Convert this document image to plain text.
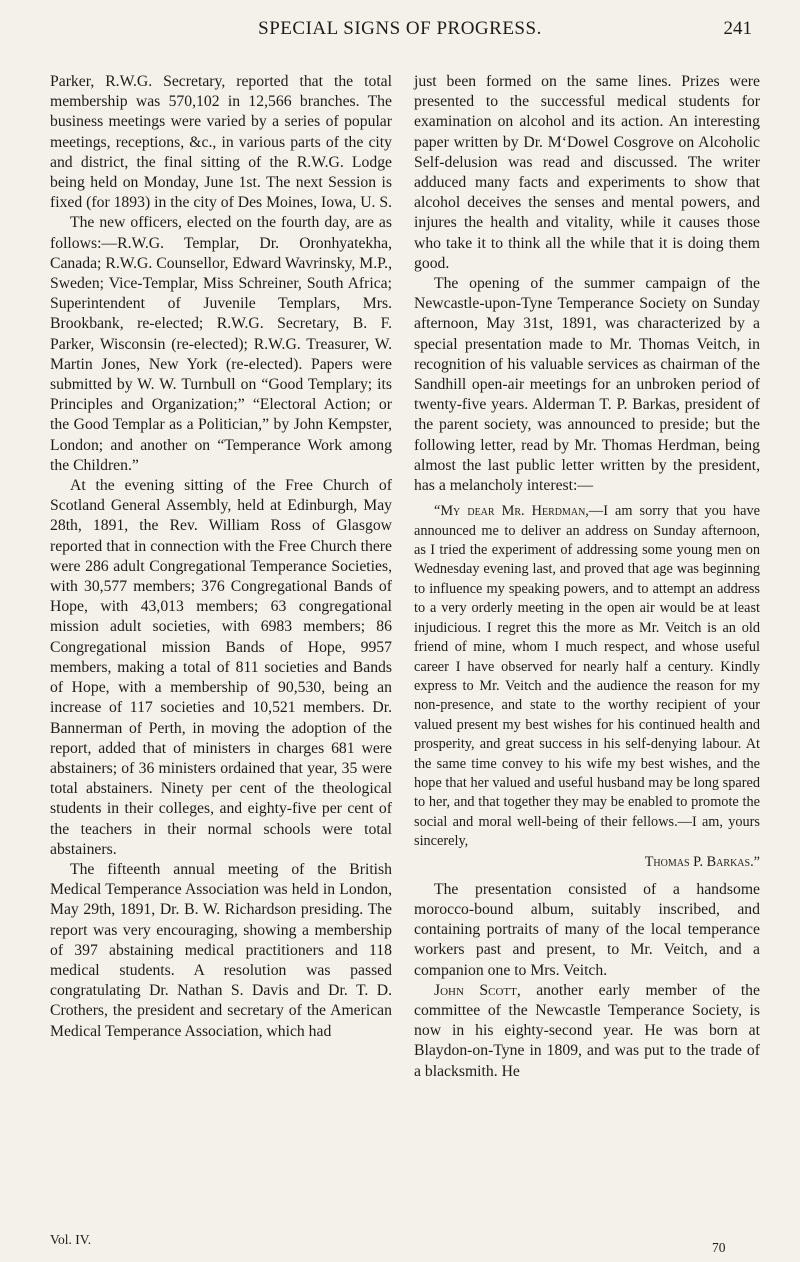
SPECIAL SIGNS OF PROGRESS.	241

Parker, R.W.G. Secretary, reported that the total membership was 570,102 in 12,566 branches. The business meetings were varied by a series of popular meetings, receptions, &c., in various parts of the city and district, the final sitting of the R.W.G. Lodge being held on Monday, June 1st. The next Session is fixed (for 1893) in the city of Des Moines, Iowa, U. S.

The new officers, elected on the fourth day, are as follows:—R.W.G. Templar, Dr. Oronhyatekha, Canada; R.W.G. Counsellor, Edward Wavrinsky, M.P., Sweden; Vice-Templar, Miss Schreiner, South Africa; Superintendent of Juvenile Templars, Mrs. Brookbank, re-elected; R.W.G. Secretary, B. F. Parker, Wisconsin (re-elected); R.W.G. Treasurer, W. Martin Jones, New York (re-elected). Papers were submitted by W. W. Turnbull on “Good Templary; its Principles and Organization;” “Electoral Action; or the Good Templar as a Politician,” by John Kempster, London; and another on “Temperance Work among the Children.”

At the evening sitting of the Free Church of Scotland General Assembly, held at Edinburgh, May 28th, 1891, the Rev. William Ross of Glasgow reported that in connection with the Free Church there were 286 adult Congregational Temperance Societies, with 30,577 members; 376 Congregational Bands of Hope, with 43,013 members; 63 congregational mission adult societies, with 6983 members; 86 Congregational mission Bands of Hope, 9957 members, making a total of 811 societies and Bands of Hope, with a membership of 90,530, being an increase of 117 societies and 10,521 members. Dr. Bannerman of Perth, in moving the adoption of the report, added that of ministers in charges 681 were abstainers; of 36 ministers ordained that year, 35 were total abstainers. Ninety per cent of the theological students in their colleges, and eighty-five per cent of the teachers in their normal schools were total abstainers.

The fifteenth annual meeting of the British Medical Temperance Association was held in London, May 29th, 1891, Dr. B. W. Richardson presiding. The report was very encouraging, showing a membership of 397 abstaining medical practitioners and 118 medical students. A resolution was passed congratulating Dr. Nathan S. Davis and Dr. T. D. Crothers, the president and secretary of the American Medical Temperance Association, which had

just been formed on the same lines. Prizes were presented to the successful medical students for examination on alcohol and its action. An interesting paper written by Dr. M‘Dowel Cosgrove on Alcoholic Self-delusion was read and discussed. The writer adduced many facts and experiments to show that alcohol deceives the senses and mental powers, and injures the health and vitality, while it causes those who take it to think all the while that it is doing them good.

The opening of the summer campaign of the Newcastle-upon-Tyne Temperance Society on Sunday afternoon, May 31st, 1891, was characterized by a special presentation made to Mr. Thomas Veitch, in recognition of his valuable services as chairman of the Sandhill open-air meetings for an unbroken period of twenty-five years. Alderman T. P. Barkas, president of the parent society, was announced to preside; but the following letter, read by Mr. Thomas Herdman, being almost the last public letter written by the president, has a melancholy interest:—

“My dear Mr. Herdman,—I am sorry that you have announced me to deliver an address on Sunday afternoon, as I tried the experiment of addressing some young men on Wednesday evening last, and proved that age was beginning to influence my speaking powers, and to attempt an address to a very orderly meeting in the open air would be at least injudicious. I regret this the more as Mr. Veitch is an old friend of mine, whom I much respect, and whose useful career I have observed for nearly half a century. Kindly express to Mr. Veitch and the audience the reason for my non-presence, and state to the worthy recipient of your valued present my best wishes for his continued health and prosperity, and great success in his self-denying labour. At the same time convey to his wife my best wishes, and the hope that her valued and useful husband may be long spared to her, and that together they may be enabled to promote the social and moral well-being of their fellows.—I am, yours sincerely,

Thomas P. Barkas.”

The presentation consisted of a handsome morocco-bound album, suitably inscribed, and containing portraits of many of the local temperance workers past and present, to Mr. Veitch, and a companion one to Mrs. Veitch.

John Scott, another early member of the committee of the Newcastle Temperance Society, is now in his eighty-second year. He was born at Blaydon-on-Tyne in 1809, and was put to the trade of a blacksmith. He

Vol. IV.
70
